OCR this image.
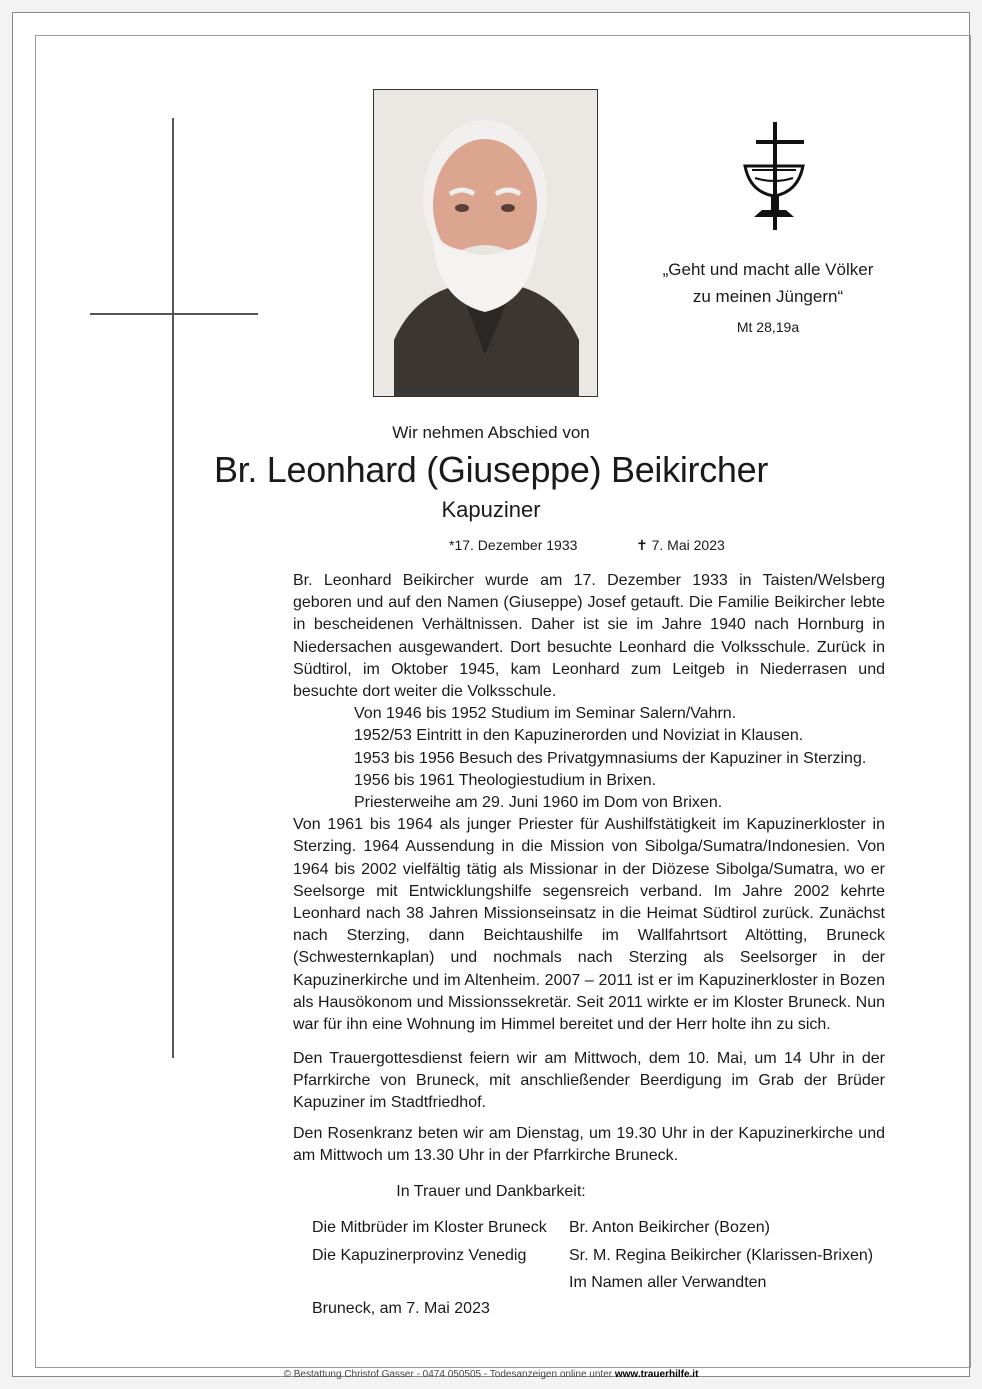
„Geht und macht alle Völker
zu meinen Jüngern“
Mt 28,19a
Wir nehmen Abschied von
Br. Leonhard (Giuseppe) Beikircher
Kapuziner
*17. Dezember 1933	✝ 7. Mai 2023

Br. Leonhard Beikircher wurde am 17. Dezember 1933 in Taisten/Welsberg geboren und auf den Namen (Giuseppe) Josef getauft. Die Familie Beikircher lebte in bescheidenen Verhältnissen. Daher ist sie im Jahre 1940 nach Hornburg in Niedersachen ausgewandert. Dort besuchte Leonhard die Volksschule. Zurück in Südtirol, im Oktober 1945, kam Leonhard zum Leitgeb in Niederrasen und besuchte dort weiter die Volksschule.

Von 1946 bis 1952 Studium im Seminar Salern/Vahrn.
1952/53 Eintritt in den Kapuzinerorden und Noviziat in Klausen.
1953 bis 1956 Besuch des Privatgymnasiums der Kapuziner in Sterzing.
1956 bis 1961 Theologiestudium in Brixen.
Priesterweihe am 29. Juni 1960 im Dom von Brixen.

Von 1961 bis 1964 als junger Priester für Aushilfstätigkeit im Kapuzinerkloster in Sterzing. 1964 Aussendung in die Mission von Sibolga/Sumatra/Indonesien. Von 1964 bis 2002 vielfältig tätig als Missionar in der Diözese Sibolga/Sumatra, wo er Seelsorge mit Entwicklungshilfe segensreich verband. Im Jahre 2002 kehrte Leonhard nach 38 Jahren Missionseinsatz in die Heimat Südtirol zurück. Zunächst nach Sterzing, dann Beichtaushilfe im Wallfahrtsort Altötting, Bruneck (Schwesternkaplan) und nochmals nach Sterzing als Seelsorger in der Kapuzinerkirche und im Altenheim. 2007 – 2011 ist er im Kapuzinerkloster in Bozen als Hausökonom und Missionssekretär. Seit 2011 wirkte er im Kloster Bruneck. Nun war für ihn eine Wohnung im Himmel bereitet und der Herr holte ihn zu sich.

Den Trauergottesdienst feiern wir am Mittwoch, dem 10. Mai, um 14 Uhr in der Pfarrkirche von Bruneck, mit anschließender Beerdigung im Grab der Brüder Kapuziner im Stadtfriedhof.

Den Rosenkranz beten wir am Dienstag, um 19.30 Uhr in der Kapuzinerkirche und am Mittwoch um 13.30 Uhr in der Pfarrkirche Bruneck.

In Trauer und Dankbarkeit:
Die Mitbrüder im Kloster Bruneck
Die Kapuzinerprovinz Venedig
Br. Anton Beikircher (Bozen)
Sr. M. Regina Beikircher (Klarissen-Brixen)
Im Namen aller Verwandten
Bruneck, am 7. Mai 2023
© Bestattung Christof Gasser - 0474 050505 - Todesanzeigen online unter www.trauerhilfe.it
